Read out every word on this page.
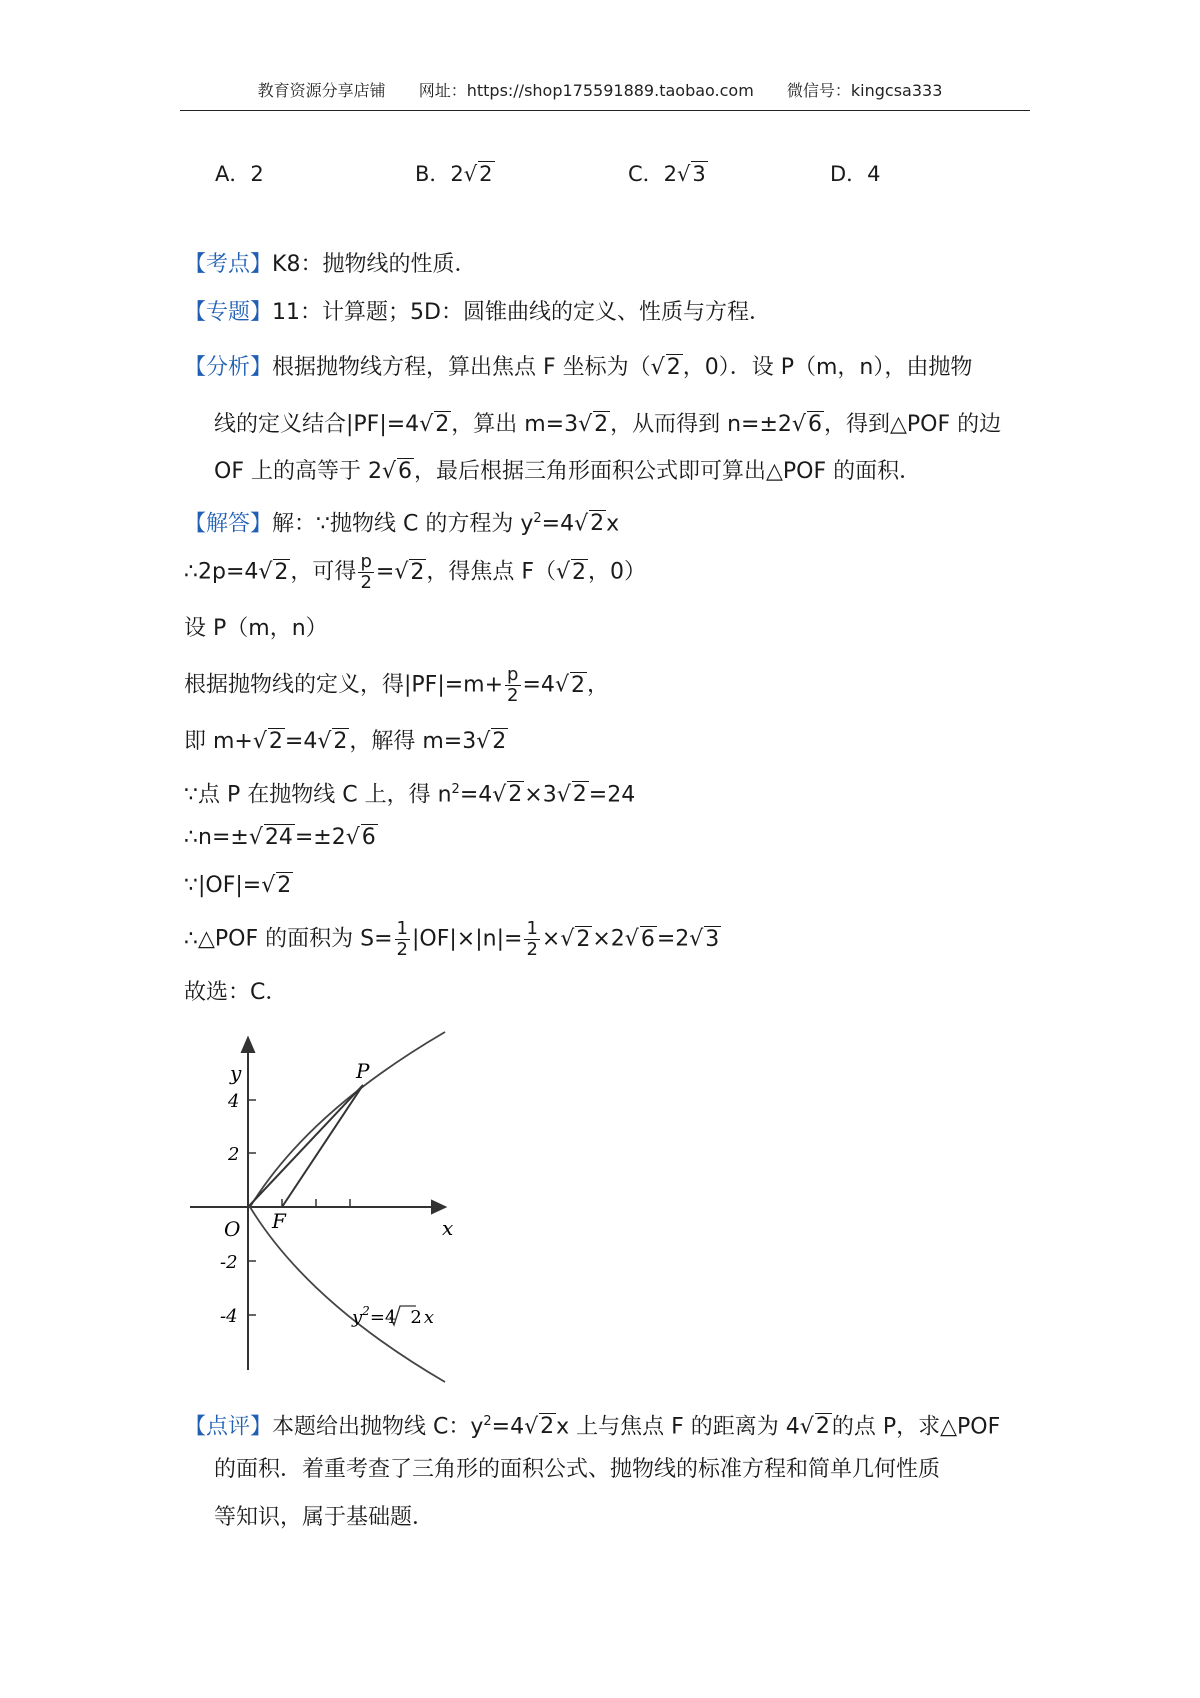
教育资源分享店铺 网址：https://shop175591889.taobao.com 微信号：kingcsa333
A．2	B．2√2	C．2√3	D．4
【考点】K8：抛物线的性质．
【专题】11：计算题；5D：圆锥曲线的定义、性质与方程．
【分析】根据抛物线方程，算出焦点 F 坐标为（√2，0）．设 P（m，n），由抛物
线的定义结合|PF|=4√2，算出 m=3√2，从而得到 n=±2√6，得到△POF 的边
OF 上的高等于 2√6，最后根据三角形面积公式即可算出△POF 的面积．
【解答】解：∵抛物线 C 的方程为 $y^2=4√2x$
∴2p=4√2，可得 $\frac{p}{2} =√2$，得焦点 F（√2，0）
设 P（m，n）
根据抛物线的定义，得$|PF|=m+ \frac{p}{2} =4√2$，
即 m+√2=4√2，解得 m=3√2
∵点 P 在抛物线 C 上，得 $n^2=4√2\times 3√2=24$
∴n=±√24=±2√6
∵|OF|=√2
∴△POF 的面积为 $S= \frac{1}{2} |OF|\times|n|= \frac{1}{2} \times√2\times 2√6=2√3$
故选：C．
y
x
O F
P
4
2
-2
-4	$y^2=4$ 2 x
【点评】本题给出抛物线 C：$y^2=4√2x$ 上与焦点 F 的距离为 4√2的点 P，求△POF
的面积．着重考查了三角形的面积公式、抛物线的标准方程和简单几何性质
等知识，属于基础题．
